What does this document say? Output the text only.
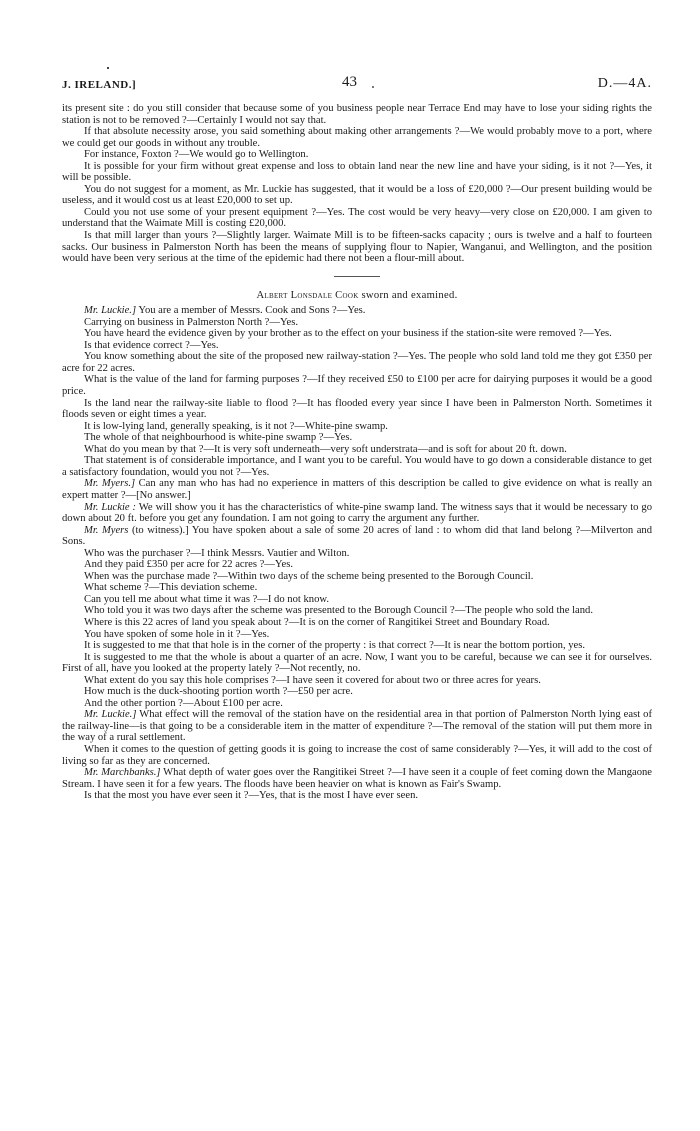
J. IRELAND.]	43	D.—4A.

its present site : do you still consider that because some of you business people near Terrace End may have to lose your siding rights the station is not to be removed ?—Certainly I would not say that.

If that absolute necessity arose, you said something about making other arrangements ?—We would probably move to a port, where we could get our goods in without any trouble.

For instance, Foxton ?—We would go to Wellington.

It is possible for your firm without great expense and loss to obtain land near the new line and have your siding, is it not ?—Yes, it will be possible.

You do not suggest for a moment, as Mr. Luckie has suggested, that it would be a loss of £20,000 ?—Our present building would be useless, and it would cost us at least £20,000 to set up.

Could you not use some of your present equipment ?—Yes. The cost would be very heavy—very close on £20,000. I am given to understand that the Waimate Mill is costing £20,000.

Is that mill larger than yours ?—Slightly larger. Waimate Mill is to be fifteen-sacks capacity ; ours is twelve and a half to fourteen sacks. Our business in Palmerston North has been the means of supplying flour to Napier, Wanganui, and Wellington, and the position would have been very serious at the time of the epidemic had there not been a flour-mill about.

Albert Lonsdale Cook sworn and examined.

Mr. Luckie.] You are a member of Messrs. Cook and Sons ?—Yes.

Carrying on business in Palmerston North ?—Yes.

You have heard the evidence given by your brother as to the effect on your business if the station-site were removed ?—Yes.

Is that evidence correct ?—Yes.

You know something about the site of the proposed new railway-station ?—Yes. The people who sold land told me they got £350 per acre for 22 acres.

What is the value of the land for farming purposes ?—If they received £50 to £100 per acre for dairying purposes it would be a good price.

Is the land near the railway-site liable to flood ?—It has flooded every year since I have been in Palmerston North. Sometimes it floods seven or eight times a year.

It is low-lying land, generally speaking, is it not ?—White-pine swamp.

The whole of that neighbourhood is white-pine swamp ?—Yes.

What do you mean by that ?—It is very soft underneath—very soft understrata—and is soft for about 20 ft. down.

That statement is of considerable importance, and I want you to be careful. You would have to go down a considerable distance to get a satisfactory foundation, would you not ?—Yes.

Mr. Myers.] Can any man who has had no experience in matters of this description be called to give evidence on what is really an expert matter ?—[No answer.]

Mr. Luckie : We will show you it has the characteristics of white-pine swamp land. The witness says that it would be necessary to go down about 20 ft. before you get any foundation. I am not going to carry the argument any further.

Mr. Myers (to witness).] You have spoken about a sale of some 20 acres of land : to whom did that land belong ?—Milverton and Sons.

Who was the purchaser ?—I think Messrs. Vautier and Wilton.

And they paid £350 per acre for 22 acres ?—Yes.

When was the purchase made ?—Within two days of the scheme being presented to the Borough Council.

What scheme ?—This deviation scheme.

Can you tell me about what time it was ?—I do not know.

Who told you it was two days after the scheme was presented to the Borough Council ?—The people who sold the land.

Where is this 22 acres of land you speak about ?—It is on the corner of Rangitikei Street and Boundary Road.

You have spoken of some hole in it ?—Yes.

It is suggested to me that that hole is in the corner of the property : is that correct ?—It is near the bottom portion, yes.

It is suggested to me that the whole is about a quarter of an acre. Now, I want you to be careful, because we can see it for ourselves. First of all, have you looked at the property lately ?—Not recently, no.

What extent do you say this hole comprises ?—I have seen it covered for about two or three acres for years.

How much is the duck-shooting portion worth ?—£50 per acre.

And the other portion ?—About £100 per acre.

Mr. Luckie.] What effect will the removal of the station have on the residential area in that portion of Palmerston North lying east of the railway-line—is that going to be a considerable item in the matter of expenditure ?—The removal of the station will put them more in the way of a rural settlement.

When it comes to the question of getting goods it is going to increase the cost of same considerably ?—Yes, it will add to the cost of living so far as they are concerned.

Mr. Marchbanks.] What depth of water goes over the Rangitikei Street ?—I have seen it a couple of feet coming down the Mangaone Stream. I have seen it for a few years. The floods have been heavier on what is known as Fair's Swamp.

Is that the most you have ever seen it ?—Yes, that is the most I have ever seen.
